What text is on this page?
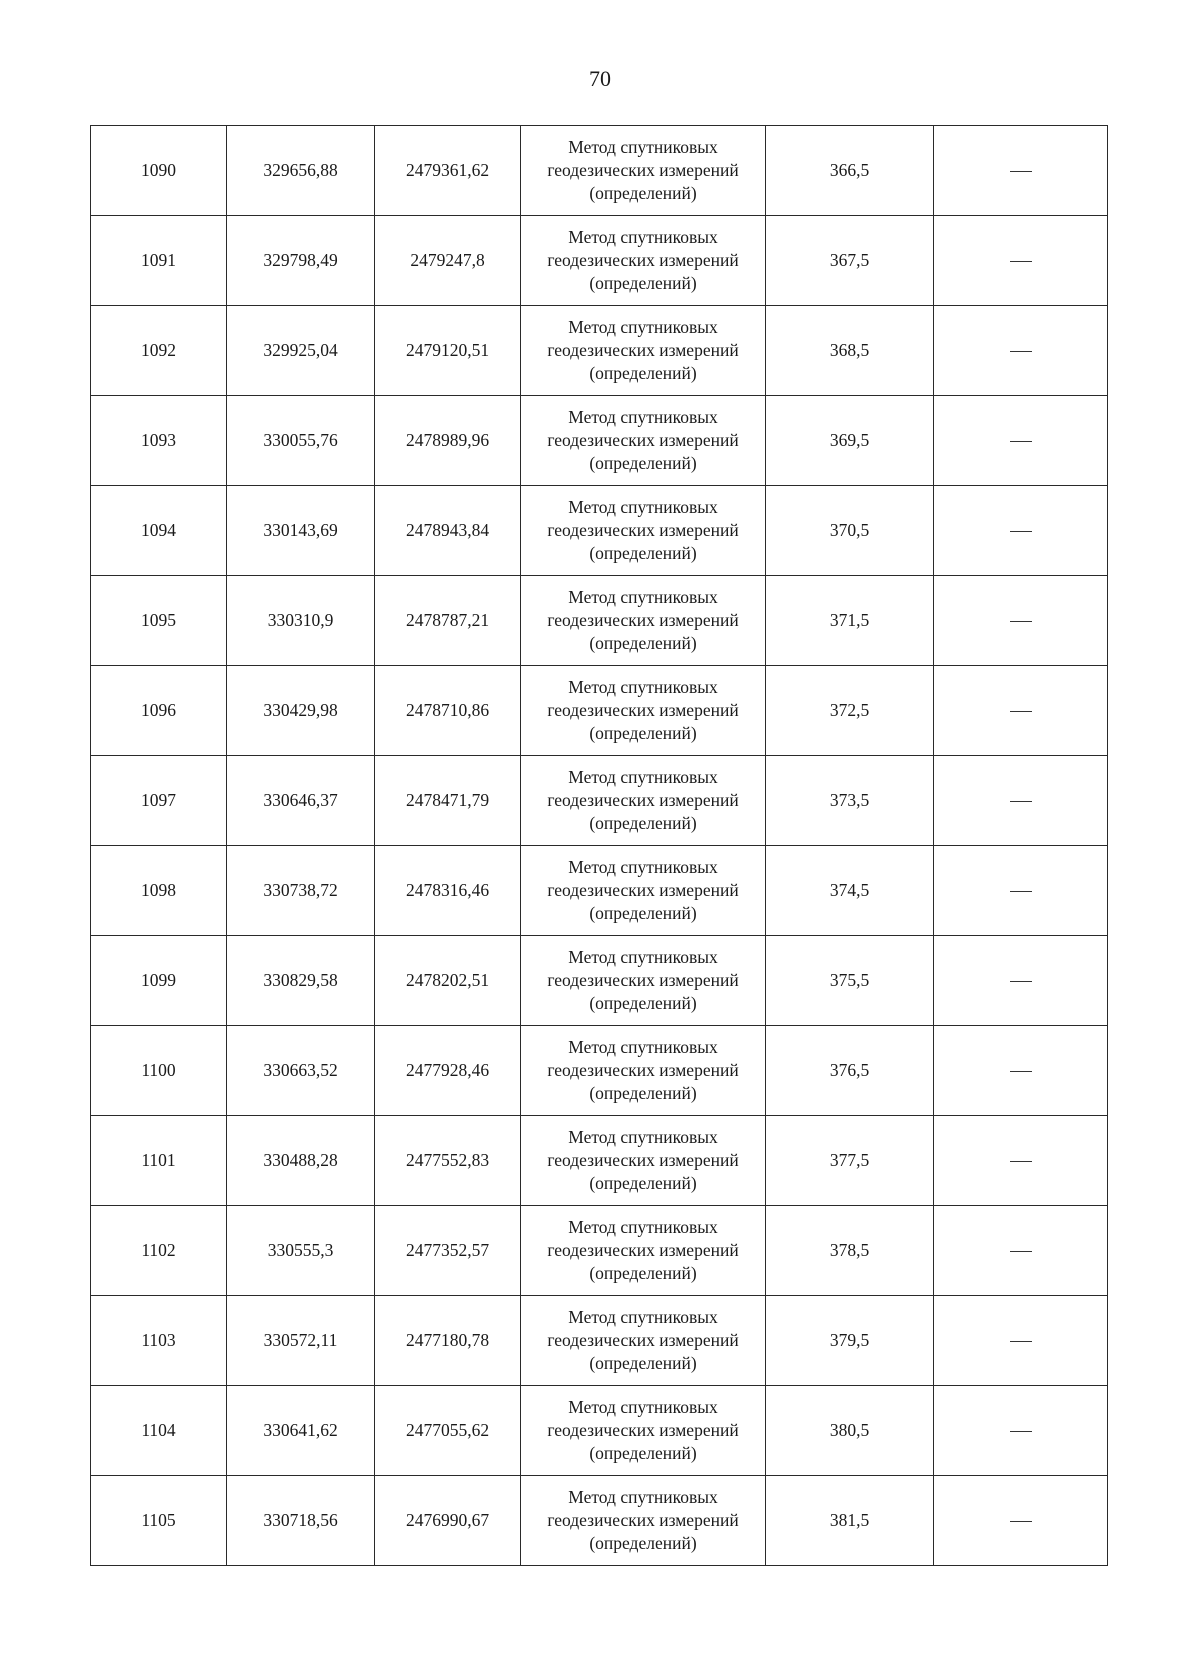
70
1090	329656,88	2479361,62	Метод спутниковых
геодезических измерений
(определений)	366,5	
1091	329798,49	2479247,8	Метод спутниковых
геодезических измерений
(определений)	367,5	
1092	329925,04	2479120,51	Метод спутниковых
геодезических измерений
(определений)	368,5	
1093	330055,76	2478989,96	Метод спутниковых
геодезических измерений
(определений)	369,5	
1094	330143,69	2478943,84	Метод спутниковых
геодезических измерений
(определений)	370,5	
1095	330310,9	2478787,21	Метод спутниковых
геодезических измерений
(определений)	371,5	
1096	330429,98	2478710,86	Метод спутниковых
геодезических измерений
(определений)	372,5	
1097	330646,37	2478471,79	Метод спутниковых
геодезических измерений
(определений)	373,5	
1098	330738,72	2478316,46	Метод спутниковых
геодезических измерений
(определений)	374,5	
1099	330829,58	2478202,51	Метод спутниковых
геодезических измерений
(определений)	375,5	
1100	330663,52	2477928,46	Метод спутниковых
геодезических измерений
(определений)	376,5	
1101	330488,28	2477552,83	Метод спутниковых
геодезических измерений
(определений)	377,5	
1102	330555,3	2477352,57	Метод спутниковых
геодезических измерений
(определений)	378,5	
1103	330572,11	2477180,78	Метод спутниковых
геодезических измерений
(определений)	379,5	
1104	330641,62	2477055,62	Метод спутниковых
геодезических измерений
(определений)	380,5	
1105	330718,56	2476990,67	Метод спутниковых
геодезических измерений
(определений)	381,5	
